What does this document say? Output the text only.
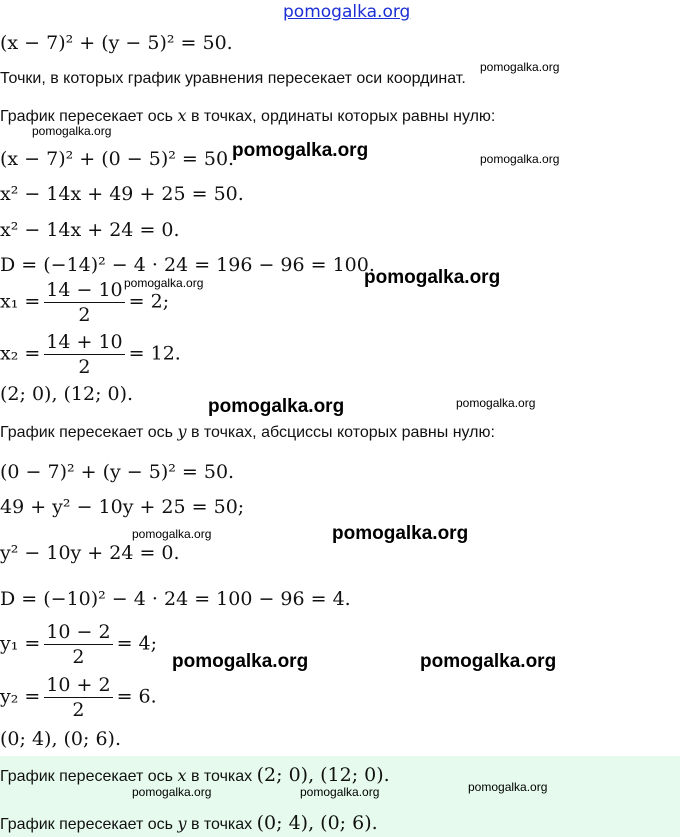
pomogalka.org
(x − 7)² + (y − 5)² = 50.
pomogalka.org
Точки, в которых график уравнения пересекает оси координат.
График пересекает ось x в точках, ординаты которых равны нулю:
pomogalka.org
(x − 7)² + (0 − 5)² = 50.
pomogalka.org	pomogalka.org
x² − 14x + 49 + 25 = 50.
x² − 14x + 24 = 0.
D = (−14)² − 4 · 24 = 196 − 96 = 100.
pomogalka.org
$x_1 = \frac{14 - 10}{2} = 2$;
pomogalka.org
$x_2 = \frac{14 + 10}{2} = 12$.
(2; 0), (12; 0).
pomogalka.org	pomogalka.org
График пересекает ось y в точках, абсциссы которых равны нулю:
(0 − 7)² + (y − 5)² = 50.
49 + y² − 10y + 25 = 50;
pomogalka.org	pomogalka.org
y² − 10y + 24 = 0.
D = (−10)² − 4 · 24 = 100 − 96 = 4.
$y_1 = \frac{10 - 2}{2} = 4$;
pomogalka.org	pomogalka.org
$y_2 = \frac{10 + 2}{2} = 6$.
(0; 4), (0; 6).
График пересекает ось x в точках (2; 0), (12; 0).
pomogalka.org
pomogalka.org	pomogalka.org
График пересекает ось y в точках (0; 4), (0; 6).
